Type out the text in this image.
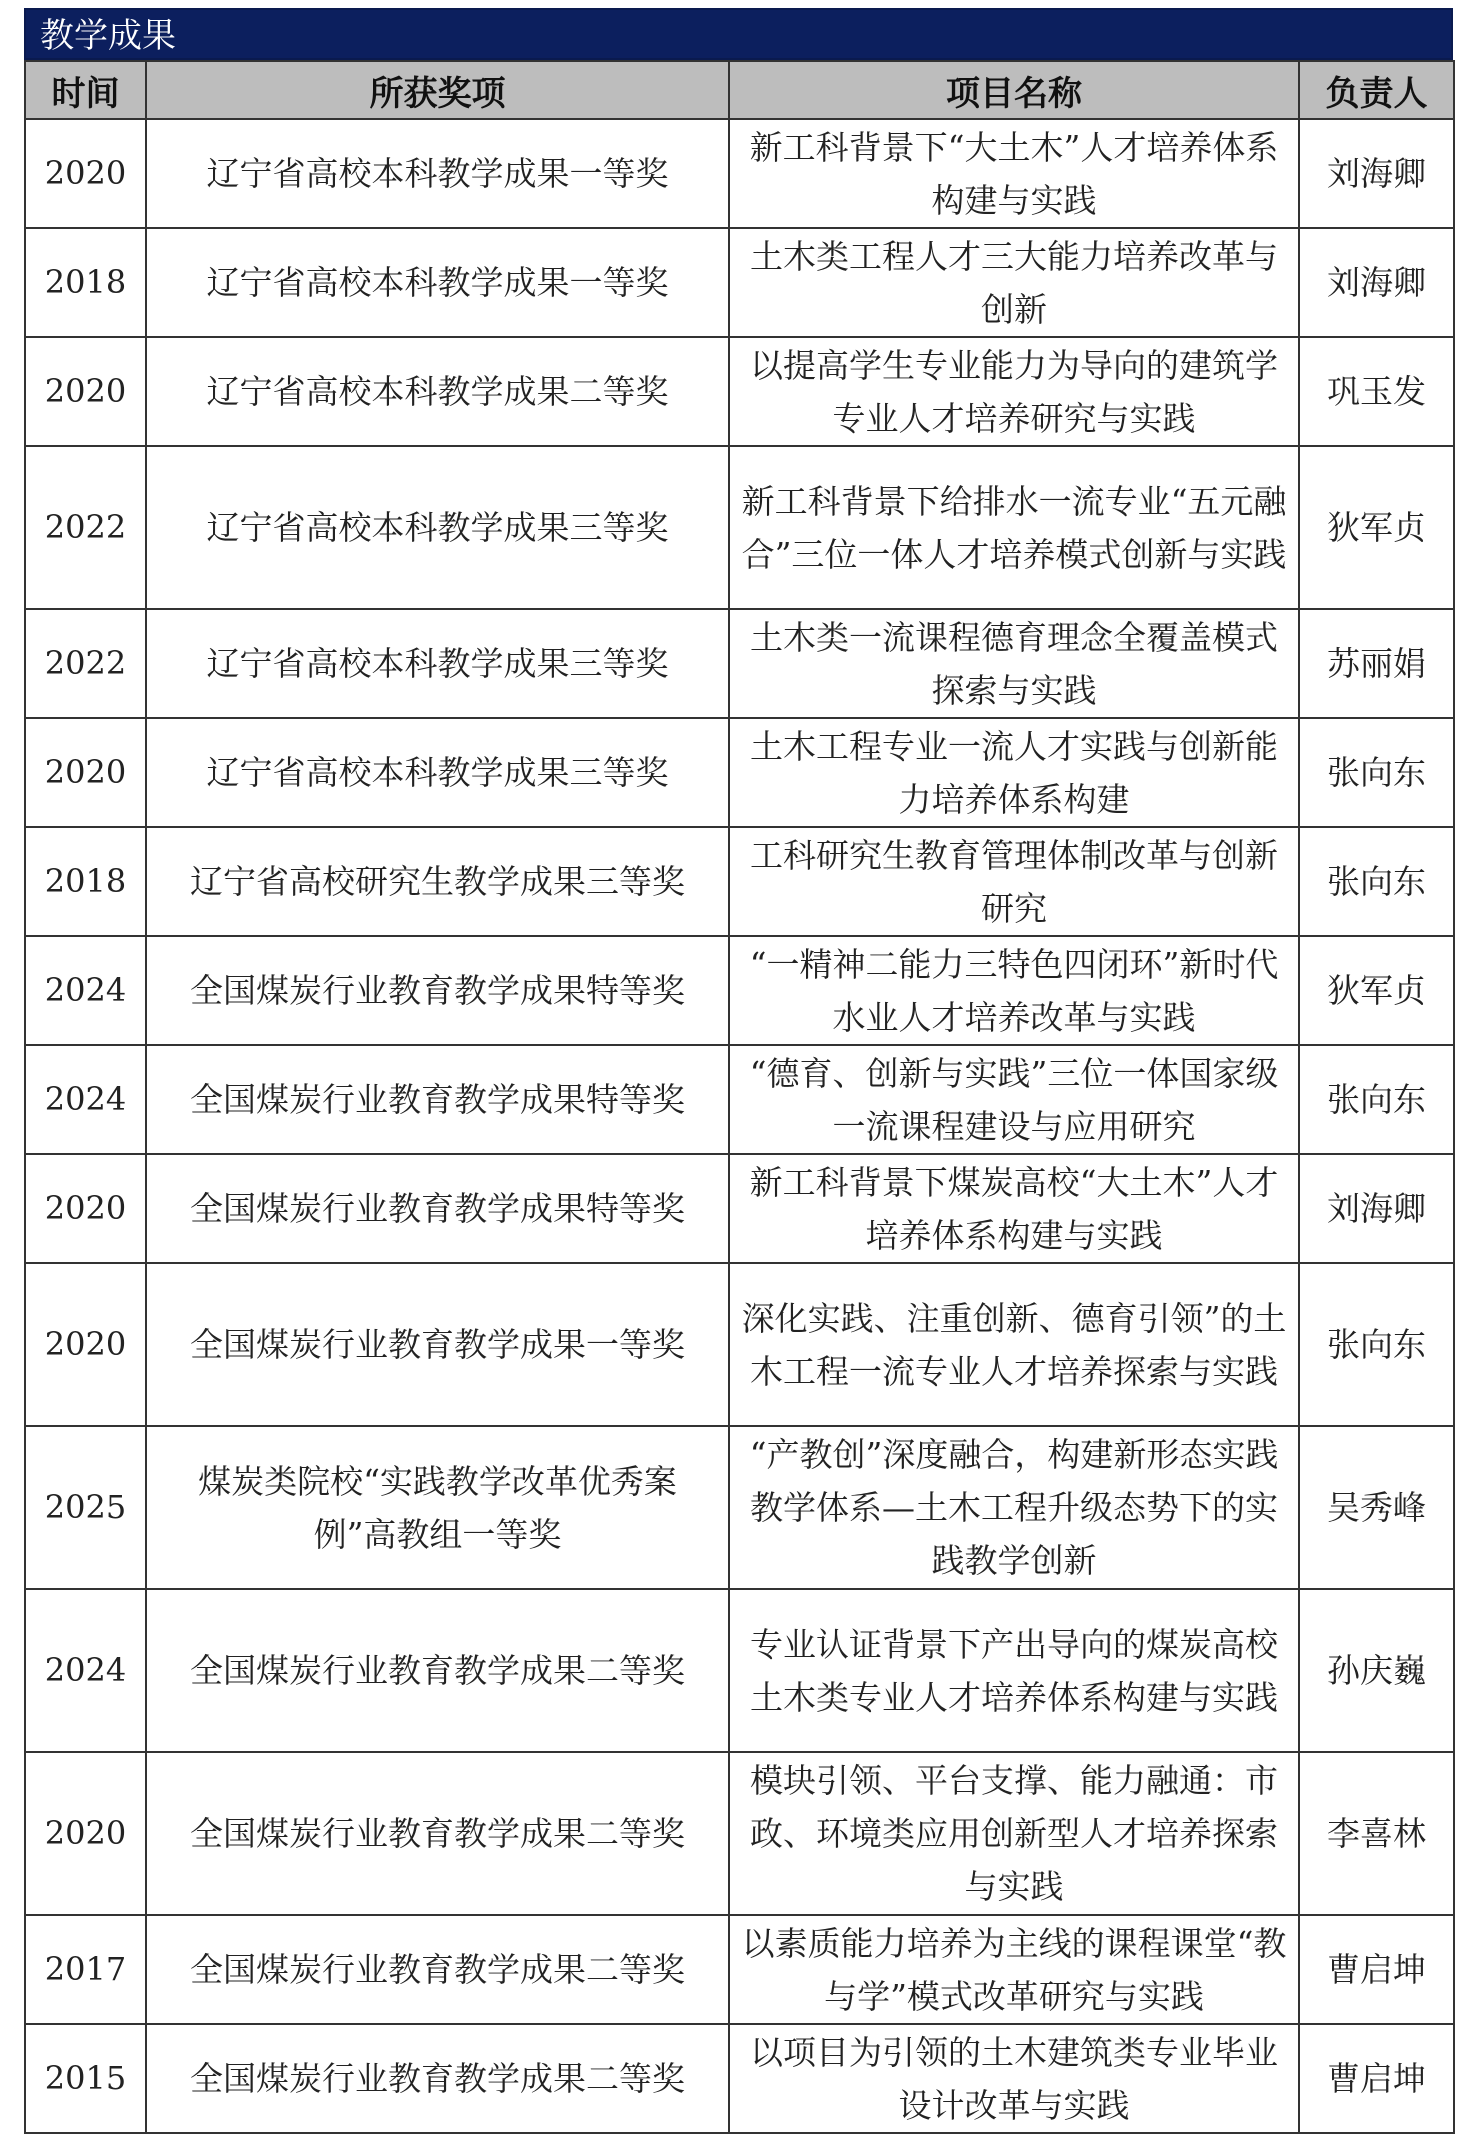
教学成果
时间	所获奖项	项目名称	负责人
2020	辽宁省高校本科教学成果一等奖	新工科背景下“大土木”人才培养体系构建与实践	刘海卿
2018	辽宁省高校本科教学成果一等奖	土木类工程人才三大能力培养改革与创新	刘海卿
2020	辽宁省高校本科教学成果二等奖	以提高学生专业能力为导向的建筑学专业人才培养研究与实践	巩玉发
2022	辽宁省高校本科教学成果三等奖	新工科背景下给排水一流专业“五元融合”三位一体人才培养模式创新与实践	狄军贞
2022	辽宁省高校本科教学成果三等奖	土木类一流课程德育理念全覆盖模式探索与实践	苏丽娟
2020	辽宁省高校本科教学成果三等奖	土木工程专业一流人才实践与创新能力培养体系构建	张向东
2018	辽宁省高校研究生教学成果三等奖	工科研究生教育管理体制改革与创新研究	张向东
2024	全国煤炭行业教育教学成果特等奖	“一精神二能力三特色四闭环”新时代水业人才培养改革与实践	狄军贞
2024	全国煤炭行业教育教学成果特等奖	“德育、创新与实践”三位一体国家级一流课程建设与应用研究	张向东
2020	全国煤炭行业教育教学成果特等奖	新工科背景下煤炭高校“大土木”人才培养体系构建与实践	刘海卿
2020	全国煤炭行业教育教学成果一等奖	深化实践、注重创新、德育引领”的土木工程一流专业人才培养探索与实践	张向东
2025	煤炭类院校“实践教学改革优秀案例”高教组一等奖	“产教创”深度融合，构建新形态实践教学体系—土木工程升级态势下的实践教学创新	吴秀峰
2024	全国煤炭行业教育教学成果二等奖	专业认证背景下产出导向的煤炭高校土木类专业人才培养体系构建与实践	孙庆巍
2020	全国煤炭行业教育教学成果二等奖	模块引领、平台支撑、能力融通：市政、环境类应用创新型人才培养探索与实践	李喜林
2017	全国煤炭行业教育教学成果二等奖	以素质能力培养为主线的课程课堂“教与学”模式改革研究与实践	曹启坤
2015	全国煤炭行业教育教学成果二等奖	以项目为引领的土木建筑类专业毕业设计改革与实践	曹启坤
